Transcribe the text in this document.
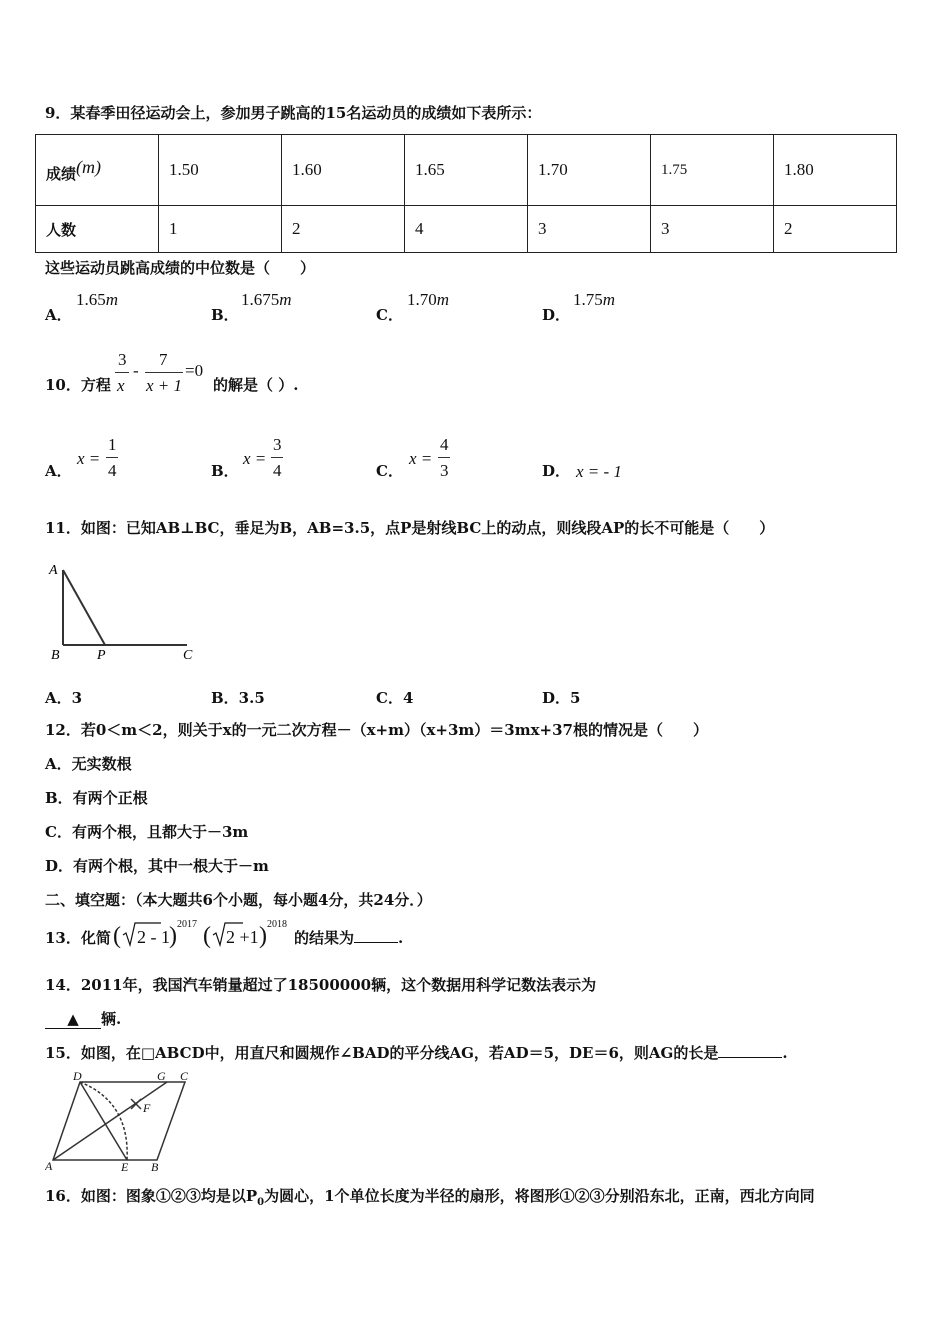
9．某春季田径运动会上，参加男子跳高的15名运动员的成绩如下表所示：
成绩$^{(m)}$	1.50	1.60	1.65	1.70	1.75	1.80
人数	1	2	4	3	3	2
这些运动员跳高成绩的中位数是（　　）
A．
1.65m
B．
1.675m
C．
1.70m
D．
1.75m
10．方程
3
x
-
7
x + 1
=0
的解是（ ）.
A．
x =
1
4	B．
x =
3
4	C．
x =
4
3	D． x = - 1
11．如图：已知AB⊥BC，垂足为B，AB=3.5，点P是射线BC上的动点，则线段AP的长不可能是（　　）
A
B	P	C
A．3	B．3.5	C．4	D．5
12．若0＜m＜2，则关于x的一元二次方程－（x+m）（x+3m）＝3mx+37根的情况是（　　）
A．无实数根
B．有两个正根
C．有两个根，且都大于－3m
D．有两个根，其中一根大于－m
二、填空题：（本大题共6个小题，每小题4分，共24分．）
13．化简 ( 2 - 1 ) 2017 ( 2 +1 ) 2018
的结果为	.
14．2011年，我国汽车销量超过了18500000辆，这个数据用科学记数法表示为
▲ 辆.
15．如图，在□ABCD中，用直尺和圆规作∠BAD的平分线AG，若AD＝5，DE＝6，则AG的长是	.
D	G C
F
A	E B
16．如图：图象①②③均是以$P_0$为圆心，1个单位长度为半径的扇形，将图形①②③分别沿东北，正南，西北方向同
